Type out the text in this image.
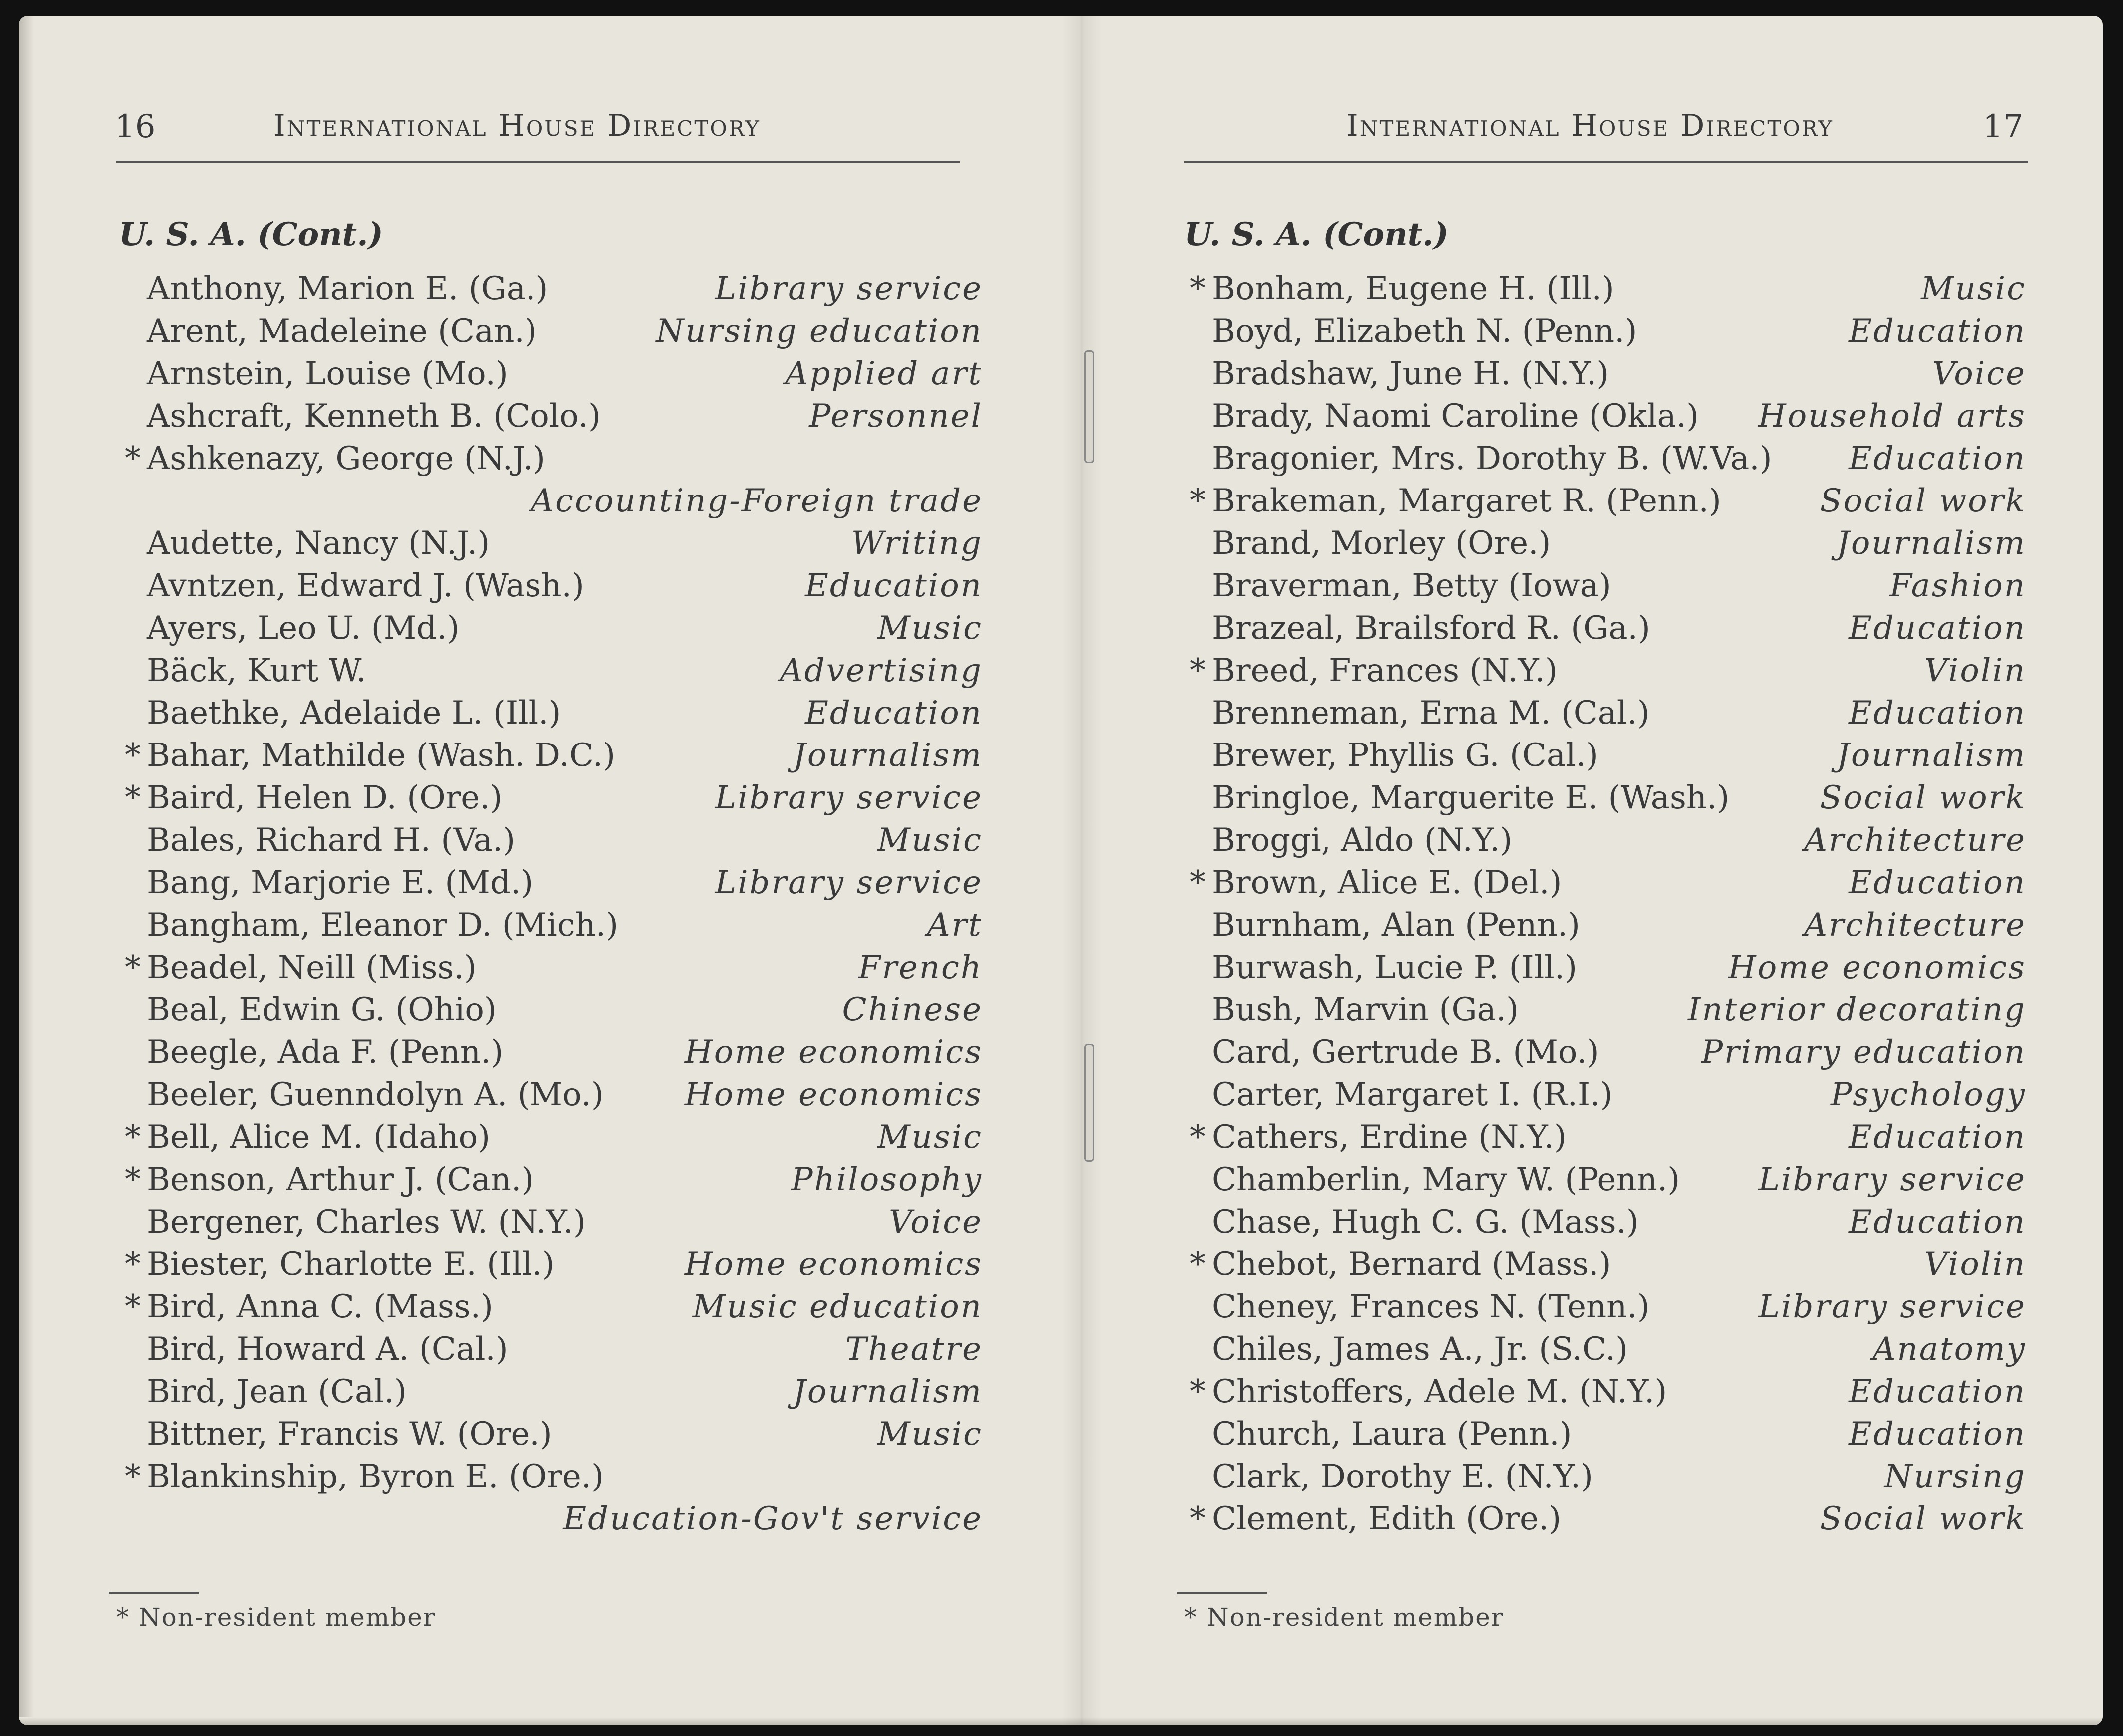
16	International House Directory
U. S. A. (Cont.)
Anthony, Marion E. (Ga.)	Library service
Arent, Madeleine (Can.)	Nursing education
Arnstein, Louise (Mo.)	Applied art
Ashcraft, Kenneth B. (Colo.)	Personnel
* Ashkenazy, George (N.J.)
Accounting-Foreign trade
Audette, Nancy (N.J.)	Writing
Avntzen, Edward J. (Wash.)	Education
Ayers, Leo U. (Md.)	Music
Bäck, Kurt W.	Advertising
Baethke, Adelaide L. (Ill.)	Education
* Bahar, Mathilde (Wash. D.C.)	Journalism
* Baird, Helen D. (Ore.)	Library service
Bales, Richard H. (Va.)	Music
Bang, Marjorie E. (Md.)	Library service
Bangham, Eleanor D. (Mich.)	Art
* Beadel, Neill (Miss.)	French
Beal, Edwin G. (Ohio)	Chinese
Beegle, Ada F. (Penn.)	Home economics
Beeler, Guenndolyn A. (Mo.)	Home economics
* Bell, Alice M. (Idaho)	Music
* Benson, Arthur J. (Can.)	Philosophy
Bergener, Charles W. (N.Y.)	Voice
* Biester, Charlotte E. (Ill.)	Home economics
* Bird, Anna C. (Mass.)	Music education
Bird, Howard A. (Cal.)	Theatre
Bird, Jean (Cal.)	Journalism
Bittner, Francis W. (Ore.)	Music
* Blankinship, Byron E. (Ore.)
Education-Gov't service
* Non-resident member
17
International House Directory
U. S. A. (Cont.)
* Bonham, Eugene H. (Ill.)	Music
Boyd, Elizabeth N. (Penn.)	Education
Bradshaw, June H. (N.Y.)	Voice
Brady, Naomi Caroline (Okla.) Household arts
Bragonier, Mrs. Dorothy B. (W.Va.) Education
* Brakeman, Margaret R. (Penn.)	Social work
Brand, Morley (Ore.)	Journalism
Braverman, Betty (Iowa)	Fashion
Brazeal, Brailsford R. (Ga.)	Education
* Breed, Frances (N.Y.)	Violin
Brenneman, Erna M. (Cal.)	Education
Brewer, Phyllis G. (Cal.)	Journalism
Bringloe, Marguerite E. (Wash.)	Social work
Broggi, Aldo (N.Y.)	Architecture
* Brown, Alice E. (Del.)	Education
Burnham, Alan (Penn.)	Architecture
Burwash, Lucie P. (Ill.)	Home economics
Bush, Marvin (Ga.)	Interior decorating
Card, Gertrude B. (Mo.)	Primary education
Carter, Margaret I. (R.I.)	Psychology
* Cathers, Erdine (N.Y.)	Education
Chamberlin, Mary W. (Penn.) Library service
Chase, Hugh C. G. (Mass.)	Education
* Chebot, Bernard (Mass.)	Violin
Cheney, Frances N. (Tenn.)	Library service
Chiles, James A., Jr. (S.C.)	Anatomy
* Christoffers, Adele M. (N.Y.)	Education
Church, Laura (Penn.)	Education
Clark, Dorothy E. (N.Y.)	Nursing
* Clement, Edith (Ore.)	Social work
* Non-resident member
